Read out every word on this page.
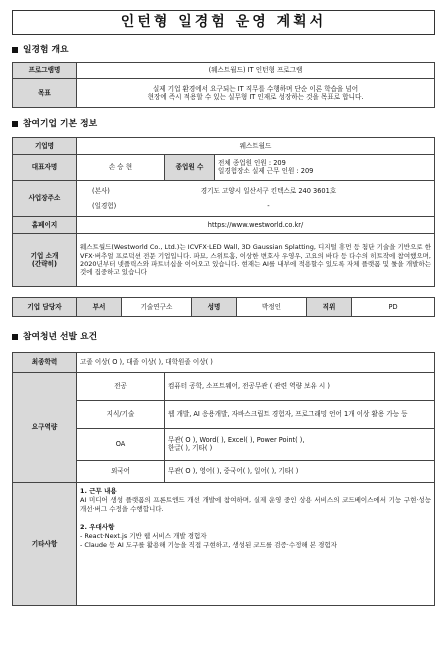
인턴형 일경험 운영 계획서
일경험 개요
프로그램명	(웨스트월드) IT 인턴형 프로그램
목표	실제 기업 환경에서 요구되는 IT 직무를 수행하며 단순 이론 학습을 넘어
현장에 즉시 적용할 수 있는 실무형 IT 인재로 성장하는 것을 목표로 합니다.
참여기업 기본 정보
기업명	웨스트월드		
대표자명	손 승 현	종업원 수	전체 종업원 인원 : 209
일경험장소 실제 근무 인원 : 209

사업장주소	(본사) 경기도 고양시 일산서구 킨텍스로 240 3601호
(일경험) -		

홈페이지	https://www.westworld.co.kr/		

기업 소개
(간략히)	웨스트월드(Westworld Co., Ltd.)는 ICVFX·LED Wall, 3D Gaussian Splatting, 디지털 휴먼 등 첨단 기술을 기반으로 한 VFX·버추얼 프로덕션 전문 기업입니다. 파묘, 스위트홈, 이상한 변호사 우영우, 고요의 바다 등 다수의 히트작에 참여했으며, 2020년부터 넷플릭스와 파트너십을 이어오고 있습니다. 현재는 AI를 내부에 적용할수 있도록 자체 플랫폼 및 툴을 개발하는것에 집중하고 있습니다		
기업 담당자	부서	기술연구소	성명	박정인	직위	PD
참여청년 선발 요건
최종학력	고졸 이상( O ), 대졸 이상( ), 대학원졸 이상( )	
요구역량	전공	컴퓨터 공학, 소프트웨어, 전공무관 ( 관련 역량 보유 시 )
	지식/기술	웹 개발, AI 응용개발, 자바스크립트 경험자, 프로그래밍 언어 1개 이상 활용 가능 등
	OA	무관( O ), Word( ), Excel( ), Power Point( ),
한글( ), 기타( )

	외국어	무관( O ), 영어( ), 중국어( ), 일어( ), 기타( )
기타사항	1. 근무 내용
AI 미디어 생성 플랫폼의 프론트엔드 개선 개발에 참여하며, 실제 운영 중인 상용 서비스의 코드베이스에서 기능 구현·성능 개선·버그 수정을 수행합니다.
2. 우대사항
- React·Next.js 기반 웹 서비스 개발 경험자
- Claude 등 AI 도구를 활용해 기능을 직접 구현하고, 생성된 코드를 검증·수정해 본 경험자	
